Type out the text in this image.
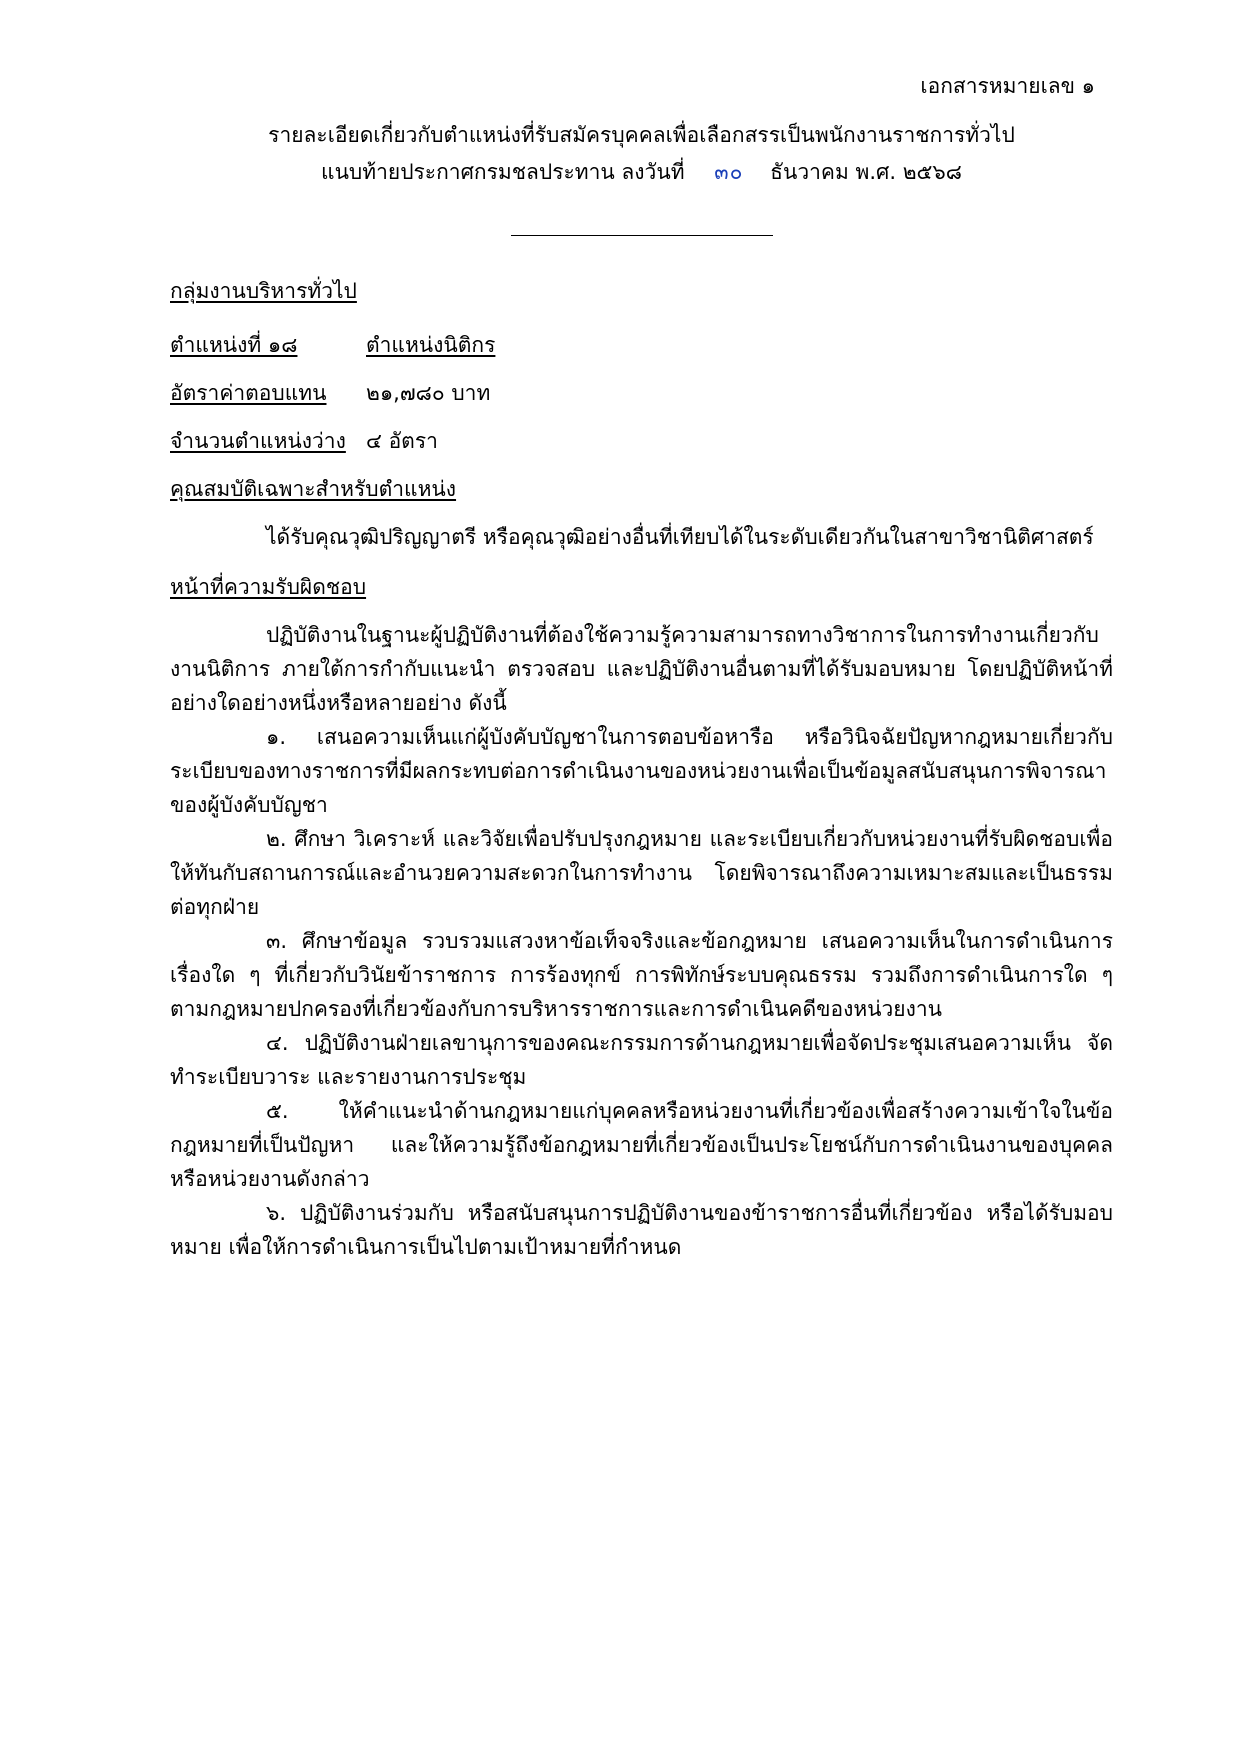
เอกสารหมายเลข ๑
รายละเอียดเกี่ยวกับตำแหน่งที่รับสมัครบุคคลเพื่อเลือกสรรเป็นพนักงานราชการทั่วไป
แนบท้ายประกาศกรมชลประทาน ลงวันที่ ๓๐ ธันวาคม พ.ศ. ๒๕๖๘
กลุ่มงานบริหารทั่วไป
ตำแหน่งที่ ๑๘	ตำแหน่งนิติกร
อัตราค่าตอบแทน	๒๑,๗๘๐ บาท
จำนวนตำแหน่งว่าง ๔ อัตรา
คุณสมบัติเฉพาะสำหรับตำแหน่ง

ได้รับคุณวุฒิปริญญาตรี หรือคุณวุฒิอย่างอื่นที่เทียบได้ในระดับเดียวกันในสาขาวิชานิติศาสตร์

หน้าที่ความรับผิดชอบ

ปฏิบัติงานในฐานะผู้ปฏิบัติงานที่ต้องใช้ความรู้ความสามารถทางวิชาการในการทำงานเกี่ยวกับงานนิติการ ภายใต้การกำกับแนะนำ ตรวจสอบ และปฏิบัติงานอื่นตามที่ได้รับมอบหมาย โดยปฏิบัติหน้าที่อย่างใดอย่างหนึ่งหรือหลายอย่าง ดังนี้

๑. เสนอความเห็นแก่ผู้บังคับบัญชาในการตอบข้อหารือ หรือวินิจฉัยปัญหากฎหมายเกี่ยวกับระเบียบของทางราชการที่มีผลกระทบต่อการดำเนินงานของหน่วยงานเพื่อเป็นข้อมูลสนับสนุนการพิจารณาของผู้บังคับบัญชา

๒. ศึกษา วิเคราะห์ และวิจัยเพื่อปรับปรุงกฎหมาย และระเบียบเกี่ยวกับหน่วยงานที่รับผิดชอบเพื่อให้ทันกับสถานการณ์และอำนวยความสะดวกในการทำงาน โดยพิจารณาถึงความเหมาะสมและเป็นธรรมต่อทุกฝ่าย

๓. ศึกษาข้อมูล รวบรวมแสวงหาข้อเท็จจริงและข้อกฎหมาย เสนอความเห็นในการดำเนินการเรื่องใด ๆ ที่เกี่ยวกับวินัยข้าราชการ การร้องทุกข์ การพิทักษ์ระบบคุณธรรม รวมถึงการดำเนินการใด ๆ ตามกฎหมายปกครองที่เกี่ยวข้องกับการบริหารราชการและการดำเนินคดีของหน่วยงาน

๔. ปฏิบัติงานฝ่ายเลขานุการของคณะกรรมการด้านกฎหมายเพื่อจัดประชุมเสนอความเห็น จัดทำระเบียบวาระ และรายงานการประชุม

๕. ให้คำแนะนำด้านกฎหมายแก่บุคคลหรือหน่วยงานที่เกี่ยวข้องเพื่อสร้างความเข้าใจในข้อกฎหมายที่เป็นปัญหา และให้ความรู้ถึงข้อกฎหมายที่เกี่ยวข้องเป็นประโยชน์กับการดำเนินงานของบุคคลหรือหน่วยงานดังกล่าว

๖. ปฏิบัติงานร่วมกับ หรือสนับสนุนการปฏิบัติงานของข้าราชการอื่นที่เกี่ยวข้อง หรือได้รับมอบหมาย เพื่อให้การดำเนินการเป็นไปตามเป้าหมายที่กำหนด
